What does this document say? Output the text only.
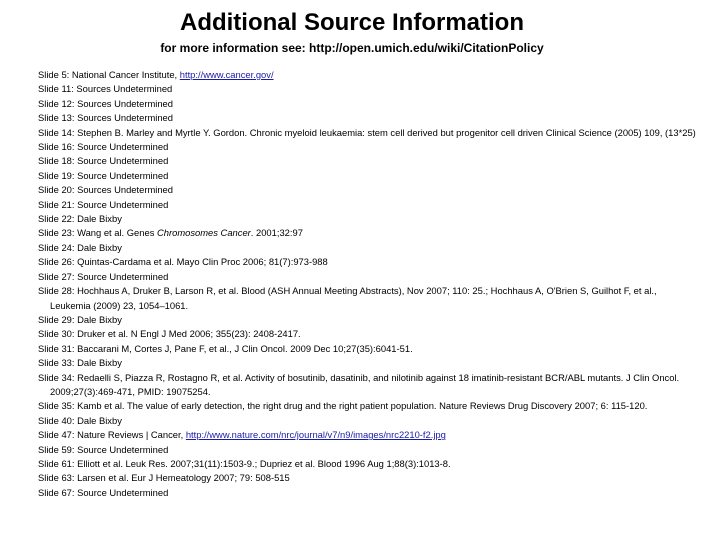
Additional Source Information
for more information see: http://open.umich.edu/wiki/CitationPolicy
Slide 5: National Cancer Institute, http://www.cancer.gov/
Slide 11: Sources Undetermined
Slide 12: Sources Undetermined
Slide 13: Sources Undetermined
Slide 14: Stephen B. Marley and Myrtle Y. Gordon. Chronic myeloid leukaemia: stem cell derived but progenitor cell driven Clinical Science (2005) 109, (13*25)
Slide 16: Source Undetermined
Slide 18: Source Undetermined
Slide 19: Source Undetermined
Slide 20: Sources Undetermined
Slide 21: Source Undetermined
Slide 22: Dale Bixby
Slide 23: Wang et al. Genes Chromosomes Cancer. 2001;32:97
Slide 24: Dale Bixby
Slide 26: Quintas-Cardama et al. Mayo Clin Proc 2006; 81(7):973-988
Slide 27: Source Undetermined
Slide 28: Hochhaus A, Druker B, Larson R, et al. Blood (ASH Annual Meeting Abstracts), Nov 2007; 110: 25.; Hochhaus A, O'Brien S, Guilhot F, et al., Leukemia (2009) 23, 1054–1061.
Slide 29: Dale Bixby
Slide 30: Druker et al. N Engl J Med 2006; 355(23): 2408-2417.
Slide 31: Baccarani M, Cortes J, Pane F, et al., J Clin Oncol. 2009 Dec 10;27(35):6041-51.
Slide 33: Dale Bixby
Slide 34: Redaelli S, Piazza R, Rostagno R, et al. Activity of bosutinib, dasatinib, and nilotinib against 18 imatinib-resistant BCR/ABL mutants. J Clin Oncol. 2009;27(3):469-471, PMID: 19075254.
Slide 35: Kamb et al. The value of early detection, the right drug and the right patient population. Nature Reviews Drug Discovery 2007; 6: 115-120.
Slide 40: Dale Bixby
Slide 47: Nature Reviews | Cancer, http://www.nature.com/nrc/journal/v7/n9/images/nrc2210-f2.jpg
Slide 59: Source Undetermined
Slide 61: Elliott et al. Leuk Res. 2007;31(11):1503-9.; Dupriez et al. Blood 1996 Aug 1;88(3):1013-8.
Slide 63: Larsen et al. Eur J Hemeatology 2007; 79: 508-515
Slide 67: Source Undetermined
